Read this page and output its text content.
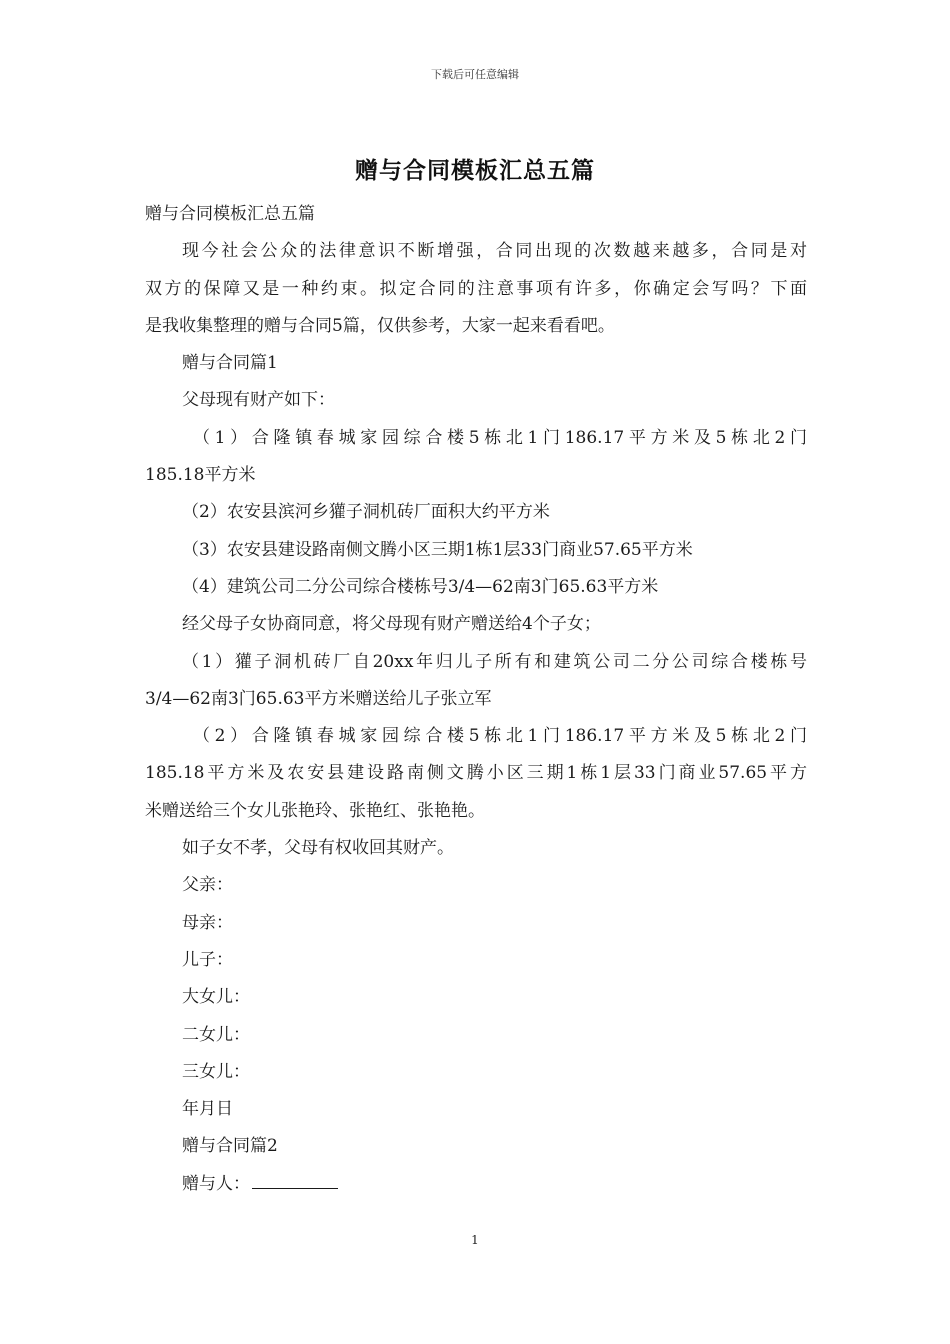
下载后可任意编辑
赠与合同模板汇总五篇
赠与合同模板汇总五篇
现今社会公众的法律意识不断增强，合同出现的次数越来越多，合同是对
双方的保障又是一种约束。拟定合同的注意事项有许多，你确定会写吗？下面
是我收集整理的赠与合同5篇，仅供参考，大家一起来看看吧。
赠与合同篇1
父母现有财产如下：
（1）合隆镇春城家园综合楼5栋北1门186.17平方米及5栋北2门
185.18平方米
（2）农安县滨河乡獾子洞机砖厂面积大约平方米
（3）农安县建设路南侧文腾小区三期1栋1层33门商业57.65平方米
（4）建筑公司二分公司综合楼栋号3/4—62南3门65.63平方米
经父母子女协商同意，将父母现有财产赠送给4个子女；
（1）獾子洞机砖厂自20xx年归儿子所有和建筑公司二分公司综合楼栋号
3/4—62南3门65.63平方米赠送给儿子张立军
（2）合隆镇春城家园综合楼5栋北1门186.17平方米及5栋北2门
185.18平方米及农安县建设路南侧文腾小区三期1栋1层33门商业57.65平方
米赠送给三个女儿张艳玲、张艳红、张艳艳。
如子女不孝，父母有权收回其财产。
父亲：
母亲：
儿子：
大女儿：
二女儿：
三女儿：
年月日
赠与合同篇2
赠与人：
1
